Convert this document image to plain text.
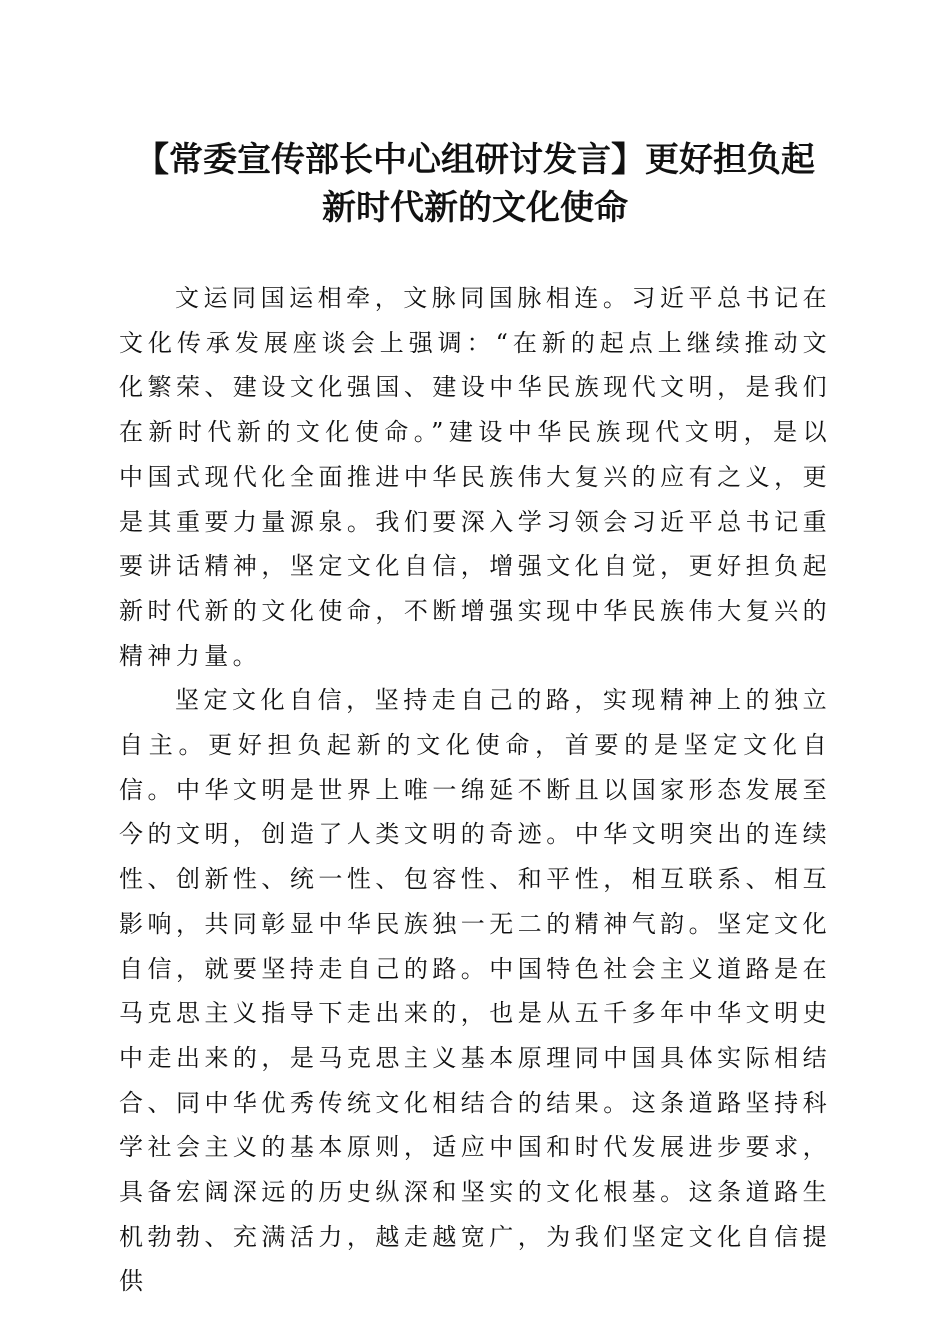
【常委宣传部长中心组研讨发言】更好担负起
新时代新的文化使命

文运同国运相牵，文脉同国脉相连。习近平总书记在文化传承发展座谈会上强调：“在新的起点上继续推动文化繁荣、建设文化强国、建设中华民族现代文明，是我们在新时代新的文化使命。”建设中华民族现代文明，是以中国式现代化全面推进中华民族伟大复兴的应有之义，更是其重要力量源泉。我们要深入学习领会习近平总书记重要讲话精神，坚定文化自信，增强文化自觉，更好担负起新时代新的文化使命，不断增强实现中华民族伟大复兴的精神力量。

坚定文化自信，坚持走自己的路，实现精神上的独立自主。更好担负起新的文化使命，首要的是坚定文化自信。中华文明是世界上唯一绵延不断且以国家形态发展至今的文明，创造了人类文明的奇迹。中华文明突出的连续性、创新性、统一性、包容性、和平性，相互联系、相互影响，共同彰显中华民族独一无二的精神气韵。坚定文化自信，就要坚持走自己的路。中国特色社会主义道路是在马克思主义指导下走出来的，也是从五千多年中华文明史中走出来的，是马克思主义基本原理同中国具体实际相结合、同中华优秀传统文化相结合的结果。这条道路坚持科学社会主义的基本原则，适应中国和时代发展进步要求，具备宏阔深远的历史纵深和坚实的文化根基。这条道路生机勃勃、充满活力，越走越宽广，为我们坚定文化自信提供
